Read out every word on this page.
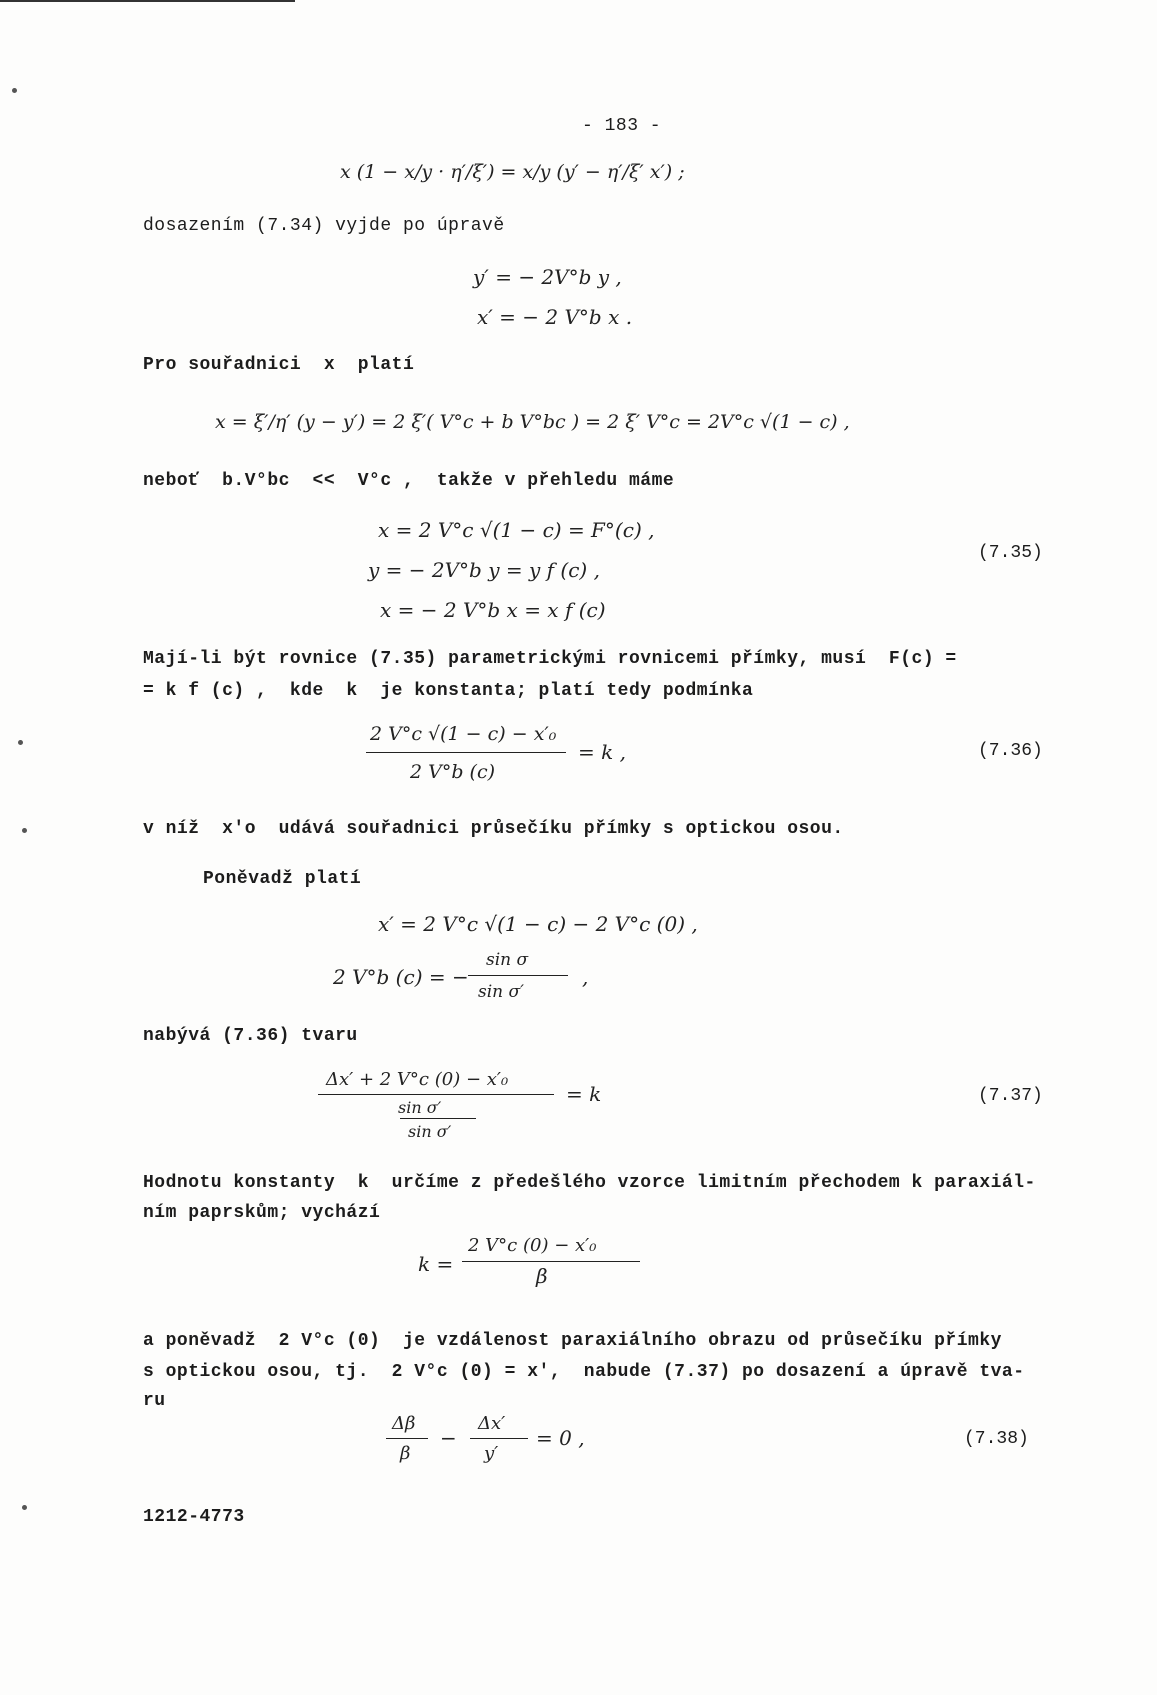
- 183 -
𝑥 (1 − 𝑥/𝑦 · η′/ξ′) = 𝑥/𝑦 (𝑦′ − η′/ξ′ 𝑥′) ;
dosazením (7.34) vyjde po úpravě
𝑦′ = − 2V°𝑏 𝑦 ,
𝑥′ = − 2 V°𝑏 𝑥 .
Pro souřadnici  x  platí
𝑥 = ξ′/η′ (𝑦 − 𝑦′) = 2 ξ′( V°𝑐 + 𝑏 V°𝑏𝑐 ) = 2 ξ′ V°𝑐 = 2V°𝑐 √(1 − 𝑐) ,
neboť  b.V°bc  <<  V°c ,  takže v přehledu máme
𝑥 = 2 V°𝑐 √(1 − 𝑐) = F°(𝑐) ,
𝑦 = − 2V°𝑏 𝑦 = 𝑦 f (𝑐) ,
𝑥 = − 2 V°𝑏 𝑥 = 𝑥 f (𝑐)
(7.35)
Mají-li být rovnice (7.35) parametrickými rovnicemi přímky, musí  F(c) =
= k f (c) ,  kde  k  je konstanta; platí tedy podmínka
2 V°𝑐 √(1 − 𝑐) − 𝑥′₀
2 V°𝑏 (𝑐)
= 𝑘 ,	(7.36)
v níž  x′o  udává souřadnici průsečíku přímky s optickou osou.
Poněvadž platí
𝑥′ = 2 V°𝑐 √(1 − 𝑐) − 2 V°𝑐 (0) ,
2 V°𝑏 (𝑐) = −
sin σ
sin σ′
,
nabývá (7.36) tvaru
Δ𝑥′ + 2 V°𝑐 (0) − 𝑥′₀
sin σ′
sin σ′
= 𝑘	(7.37)
Hodnotu konstanty  k  určíme z předešlého vzorce limitním přechodem k paraxiál-
ním paprskům; vychází
𝑘 =
2 V°𝑐 (0) − 𝑥′₀
β
a poněvadž  2 V°c (0)  je vzdálenost paraxiálního obrazu od průsečíku přímky
s optickou osou, tj.  2 V°c (0) = x′,  nabude (7.37) po dosazení a úpravě tva-
ru
Δβ
β
−
Δ𝑥′
𝑦′
= 0 ,	(7.38)
1212-4773
